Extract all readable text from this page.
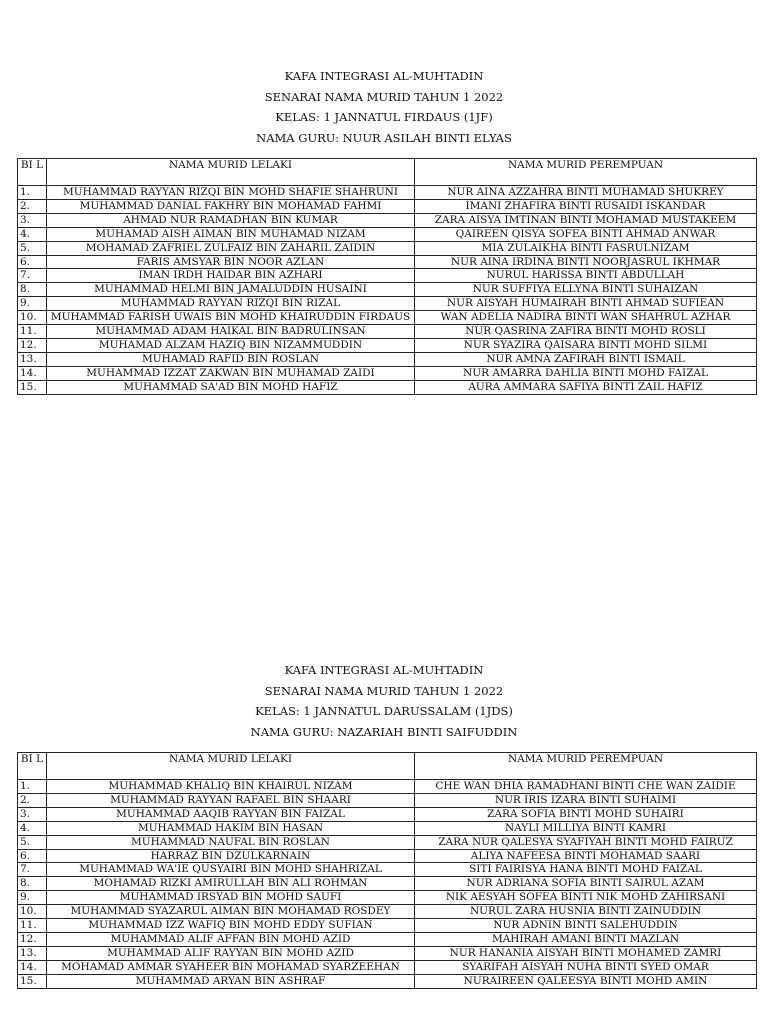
KAFA INTEGRASI AL-MUHTADIN
SENARAI NAMA MURID TAHUN 1 2022
KELAS: 1 JANNATUL FIRDAUS (1JF)
NAMA GURU: NUUR ASILAH BINTI ELYAS
BI L	NAMA MURID LELAKI	NAMA MURID PEREMPUAN
1.	MUHAMMAD RAYYAN RIZQI BIN MOHD SHAFIE SHAHRUNI	NUR AINA AZZAHRA BINTI MUHAMAD SHUKREY
2.	MUHAMMAD DANIAL FAKHRY BIN MOHAMAD FAHMI	IMANI ZHAFIRA BINTI RUSAIDI ISKANDAR
3.	AHMAD NUR RAMADHAN BIN KUMAR	ZARA AISYA IMTINAN BINTI MOHAMAD MUSTAKEEM
4.	MUHAMAD AISH AIMAN BIN MUHAMAD NIZAM	QAIREEN QISYA SOFEA BINTI AHMAD ANWAR
5.	MOHAMAD ZAFRIEL ZULFAIZ BIN ZAHARIL ZAIDIN	MIA ZULAIKHA BINTI FASRULNIZAM
6.	FARIS AMSYAR BIN NOOR AZLAN	NUR AINA IRDINA BINTI NOORJASRUL IKHMAR
7.	IMAN IRDH HAIDAR BIN AZHARI	NURUL HARISSA BINTI ABDULLAH
8.	MUHAMMAD HELMI BIN JAMALUDDIN HUSAINI	NUR SUFFIYA ELLYNA BINTI SUHAIZAN
9.	MUHAMMAD RAYYAN RIZQI BIN RIZAL	NUR AISYAH HUMAIRAH BINTI AHMAD SUFIEAN
10.	MUHAMMAD FARISH UWAIS BIN MOHD KHAIRUDDIN FIRDAUS	WAN ADELIA NADIRA BINTI WAN SHAHRUL AZHAR
11.	MUHAMMAD ADAM HAIKAL BIN BADRULINSAN	NUR QASRINA ZAFIRA BINTI MOHD ROSLI
12.	MUHAMAD ALZAM HAZIQ BIN NIZAMMUDDIN	NUR SYAZIRA QAISARA BINTI MOHD SILMI
13.	MUHAMAD RAFID BIN ROSLAN	NUR AMNA ZAFIRAH BINTI ISMAIL
14.	MUHAMMAD IZZAT ZAKWAN BIN MUHAMAD ZAIDI	NUR AMARRA DAHLIA BINTI MOHD FAIZAL
15.	MUHAMMAD SA'AD BIN MOHD HAFIZ	AURA AMMARA SAFIYA BINTI ZAIL HAFIZ
KAFA INTEGRASI AL-MUHTADIN
SENARAI NAMA MURID TAHUN 1 2022
KELAS: 1 JANNATUL DARUSSALAM (1JDS)
NAMA GURU: NAZARIAH BINTI SAIFUDDIN
BI L	NAMA MURID LELAKI	NAMA MURID PEREMPUAN
1.	MUHAMMAD KHALIQ BIN KHAIRUL NIZAM	CHE WAN DHIA RAMADHANI BINTI CHE WAN ZAIDIE
2.	MUHAMMAD RAYYAN RAFAEL BIN SHAARI	NUR IRIS IZARA BINTI SUHAIMI
3.	MUHAMMAD AAQIB RAYYAN BIN FAIZAL	ZARA SOFIA BINTI MOHD SUHAIRI
4.	MUHAMMAD HAKIM BIN HASAN	NAYLI MILLIYA BINTI KAMRI
5.	MUHAMMAD NAUFAL BIN ROSLAN	ZARA NUR QALESYA SYAFIYAH BINTI MOHD FAIRUZ
6.	HARRAZ BIN DZULKARNAIN	ALIYA NAFEESA BINTI MOHAMAD SAARI
7.	MUHAMMAD WA'IE QUSYAIRI BIN MOHD SHAHRIZAL	SITI FAIRISYA HANA BINTI MOHD FAIZAL
8.	MOHAMAD RIZKI AMIRULLAH BIN ALI ROHMAN	NUR ADRIANA SOFIA BINTI SAIRUL AZAM
9.	MUHAMMAD IRSYAD BIN MOHD SAUFI	NIK AESYAH SOFEA BINTI NIK MOHD ZAHIRSANI
10.	MUHAMMAD SYAZARUL AIMAN BIN MOHAMAD ROSDEY	NURUL ZARA HUSNIA BINTI ZAINUDDIN
11.	MUHAMMAD IZZ WAFIQ BIN MOHD EDDY SUFIAN	NUR ADNIN BINTI SALEHUDDIN
12.	MUHAMMAD ALIF AFFAN BIN MOHD AZID	MAHIRAH AMANI BINTI MAZLAN
13.	MUHAMMAD ALIF RAYYAN BIN MOHD AZID	NUR HANANIA AISYAH BINTI MOHAMED ZAMRI
14.	MOHAMAD AMMAR SYAHEER BIN MOHAMAD SYARZEEHAN	SYARIFAH AISYAH NUHA BINTI SYED OMAR
15.	MUHAMMAD ARYAN BIN ASHRAF	NURAIREEN QALEESYA BINTI MOHD AMIN
